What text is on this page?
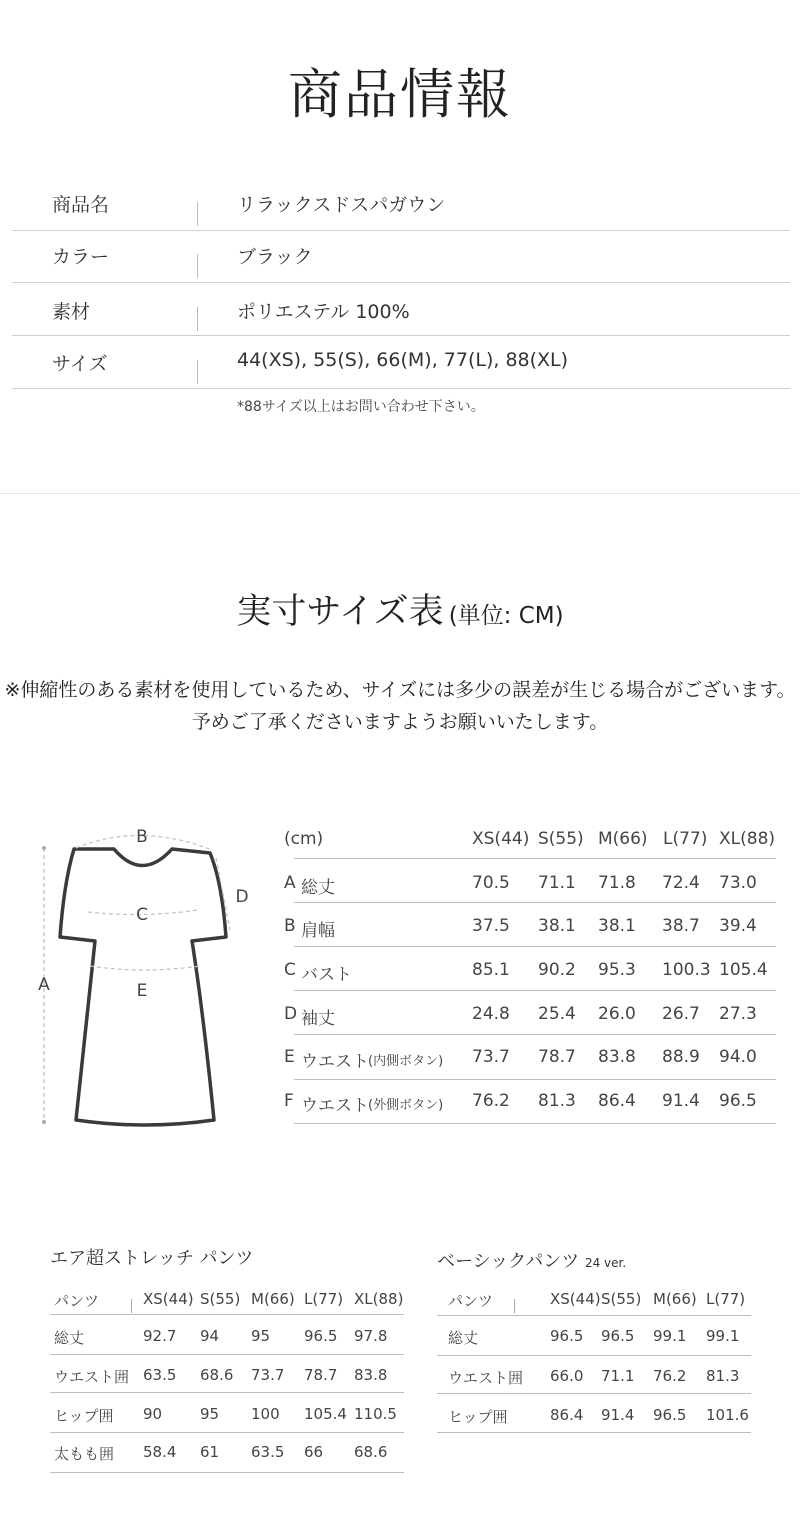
商品情報
商品名	リラックスドスパガウン
カラー	ブラック
素材	ポリエステル 100%
サイズ	44(XS), 55(S), 66(M), 77(L), 88(XL)
*88サイズ以上はお問い合わせ下さい。
実寸サイズ表 (単位: CM)
※伸縮性のある素材を使用しているため、サイズには多少の誤差が生じる場合がございます。
予めご了承くださいますようお願いいたします。
B
C
D
E
A
(cm)	XS(44) S(55) M(66) L(77) XL(88)
A 総丈	70.5 71.1 71.8 72.4 73.0
B 肩幅	37.5 38.1 38.1 38.7 39.4
C バスト	85.1 90.2 95.3 100.3 105.4
D 袖丈	24.8 25.4 26.0 26.7 27.3
E ウエスト (内側ボタン) 73.7 78.7 83.8 88.9 94.0
F ウエスト (外側ボタン) 76.2 81.3 86.4 91.4 96.5
エア超ストレッチ パンツ
パンツ	XS(44) S(55) M(66) L(77) XL(88)
総丈	92.7 94 95 96.5 97.8
ウエスト囲 63.5 68.6 73.7 78.7 83.8
ヒップ囲 90	95 100 105.4 110.5
太もも囲 58.4 61 63.5 66 68.6
ベーシックパンツ 24 ver.
パンツ	XS(44) S(55) M(66) L(77)
総丈	96.5 96.5 99.1 99.1
ウエスト囲 66.0 71.1 76.2 81.3
ヒップ囲	86.4 91.4 96.5 101.6
